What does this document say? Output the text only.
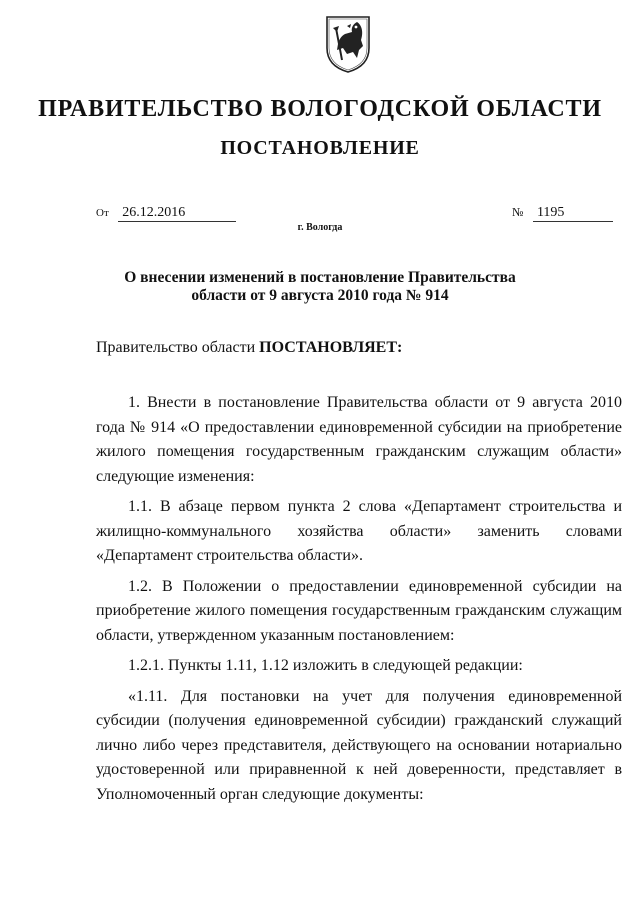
ПРАВИТЕЛЬСТВО ВОЛОГОДСКОЙ ОБЛАСТИ
ПОСТАНОВЛЕНИЕ
От 26.12.2016	№ 1195
г. Вологда
О внесении изменений в постановление Правительства
области от 9 августа 2010 года № 914
Правительство области ПОСТАНОВЛЯЕТ:

1. Внести в постановление Правительства области от 9 августа 2010 года № 914 «О предоставлении единовременной субсидии на приобретение жилого помещения государственным гражданским служащим области» следующие изменения:

1.1. В абзаце первом пункта 2 слова «Департамент строительства и жилищно-коммунального хозяйства области» заменить словами «Департамент строительства области».

1.2. В Положении о предоставлении единовременной субсидии на приобретение жилого помещения государственным гражданским служащим области, утвержденном указанным постановлением:

1.2.1. Пункты 1.11, 1.12 изложить в следующей редакции:

«1.11. Для постановки на учет для получения единовременной субсидии (получения единовременной субсидии) гражданский служащий лично либо через представителя, действующего на основании нотариально удостоверенной или приравненной к ней доверенности, представляет в Уполномоченный орган следующие документы:
